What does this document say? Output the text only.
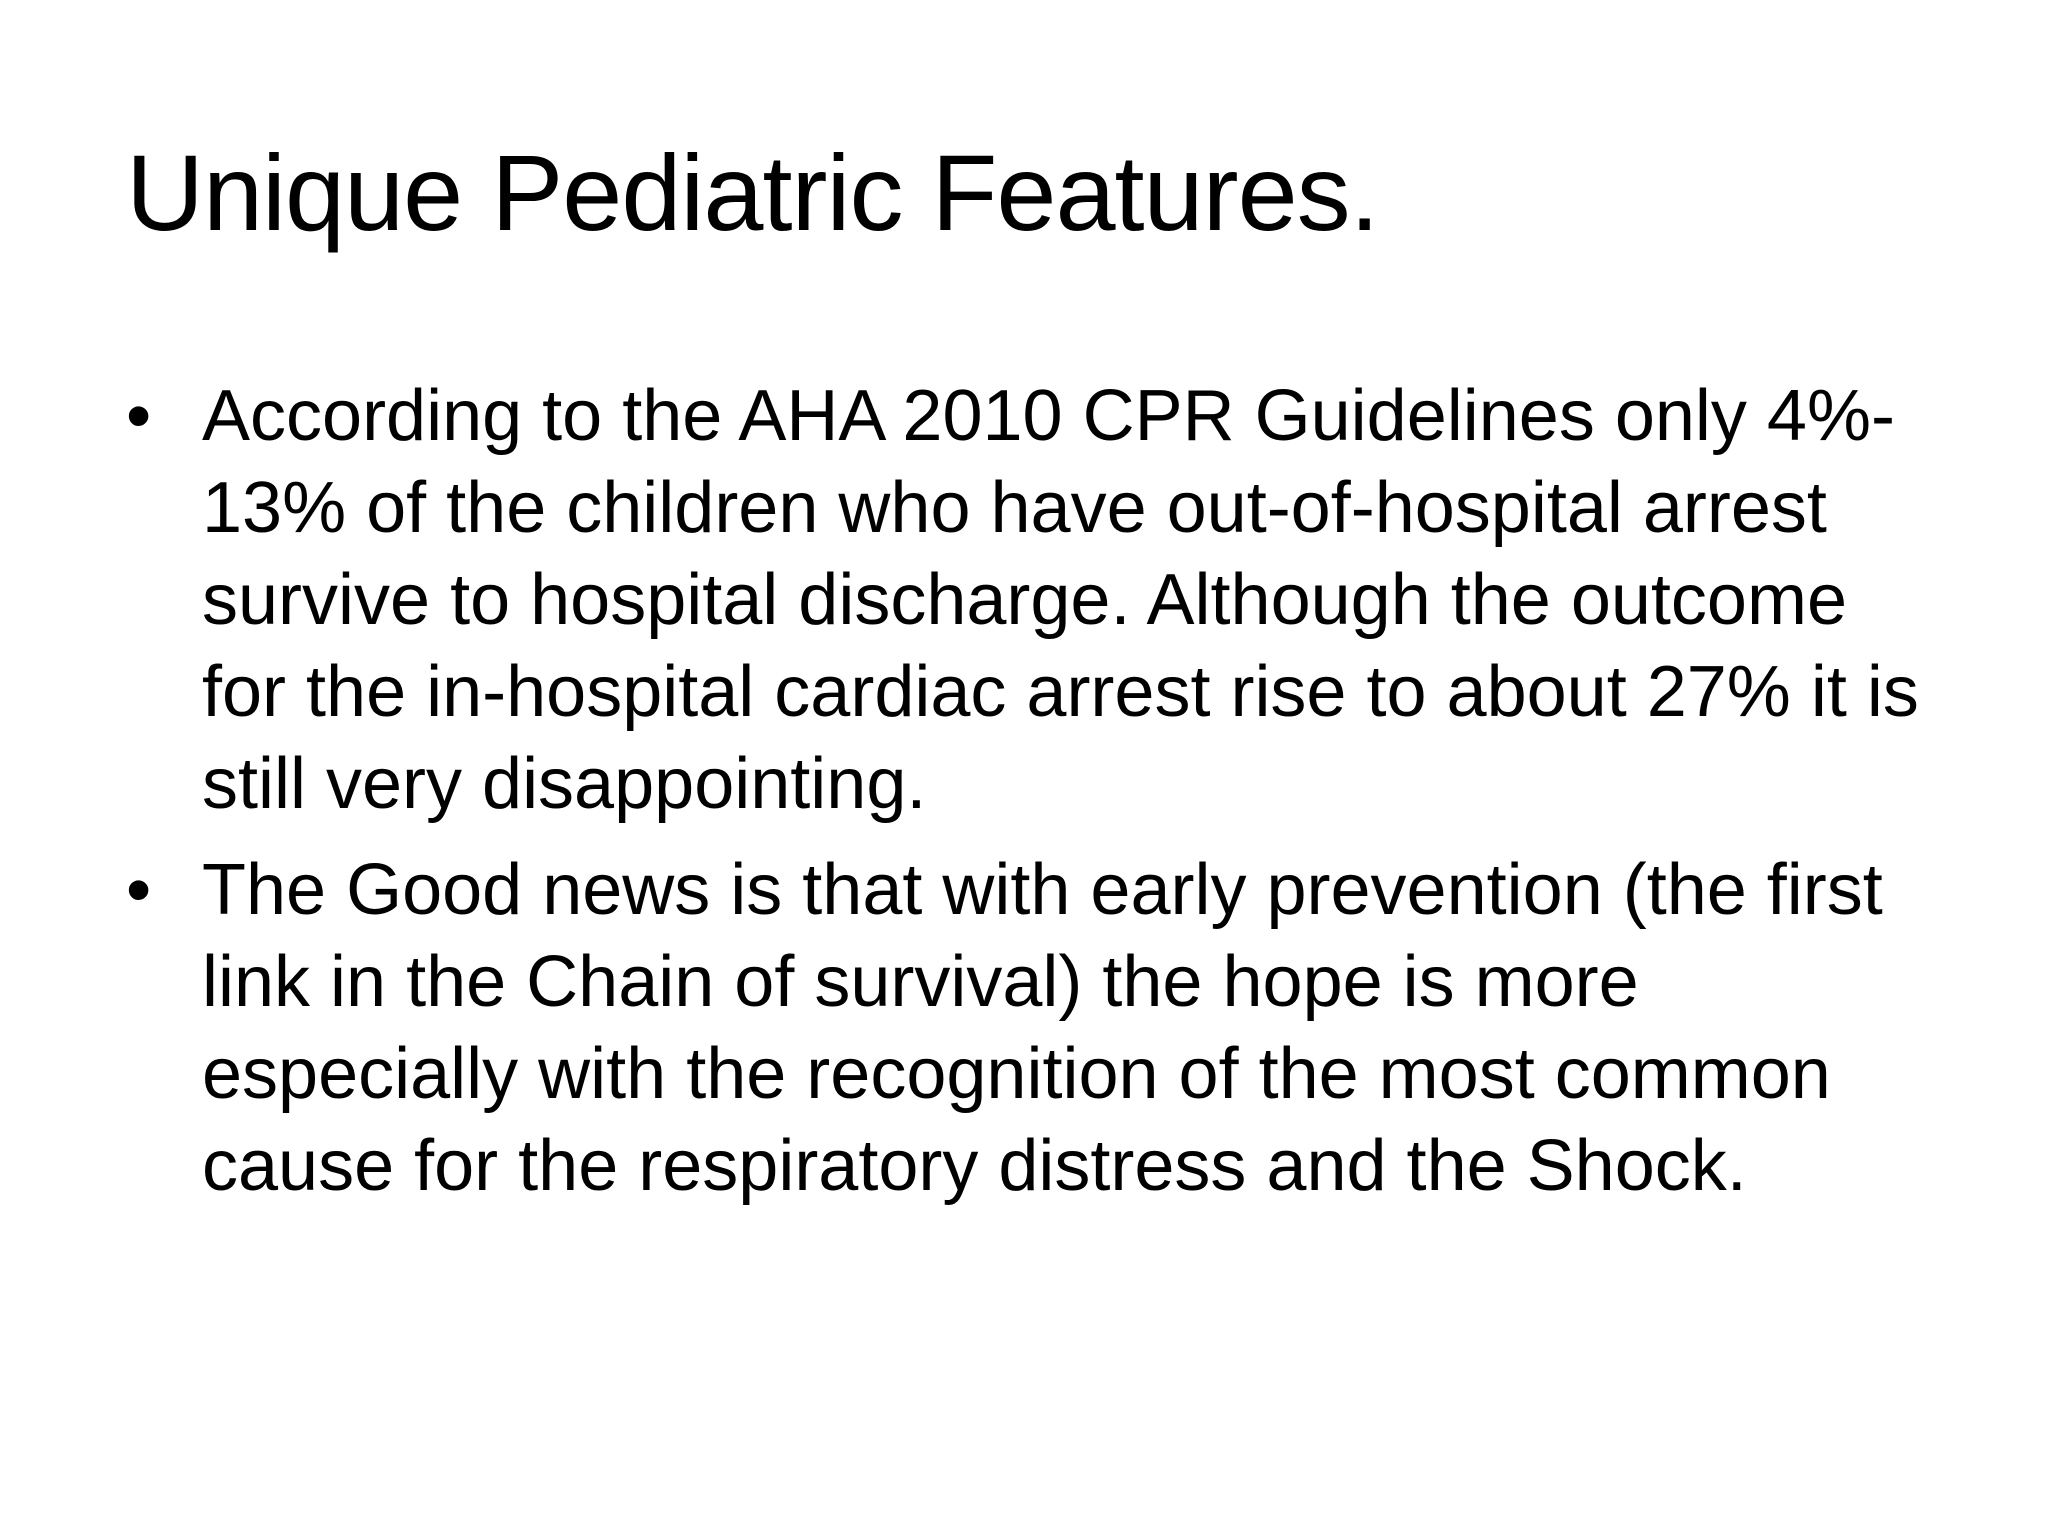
Unique Pediatric Features.
• According to the AHA 2010 CPR Guidelines only 4%- 13% of the children who have out-of-hospital arrest survive to hospital discharge. Although the outcome for the in-hospital cardiac arrest rise to about 27% it is still very disappointing.
• The Good news is that with early prevention (the first link in the Chain of survival) the hope is more especially with the recognition of the most common cause for the respiratory distress and the Shock.
